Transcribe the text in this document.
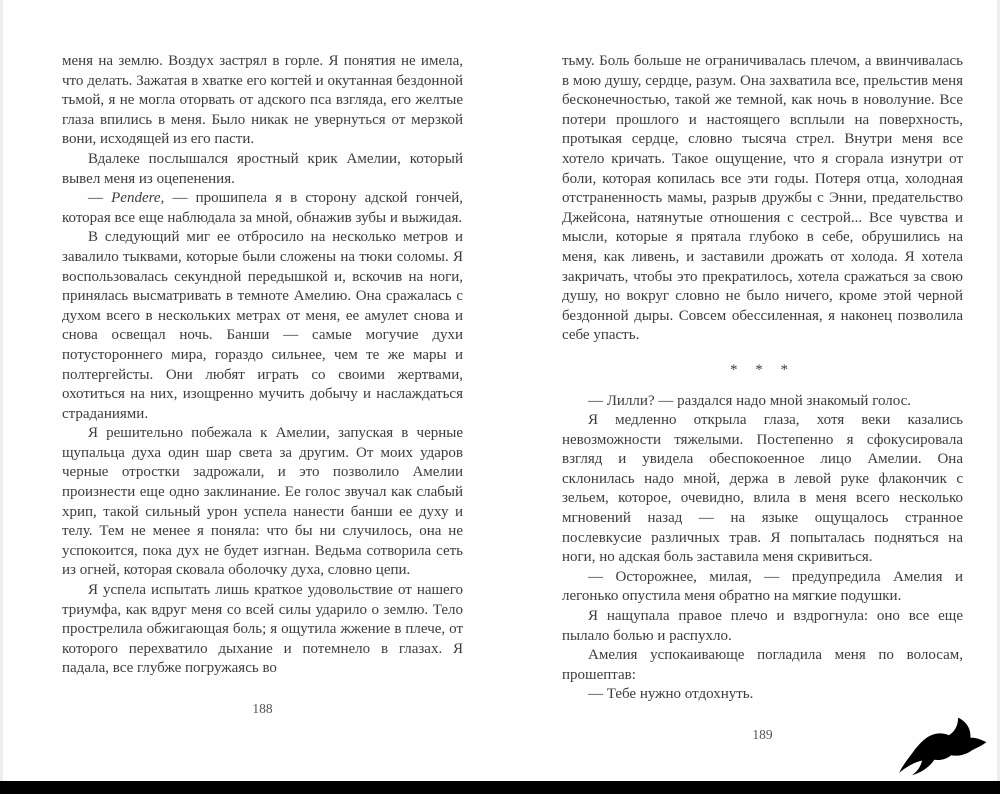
меня на землю. Воздух застрял в горле. Я понятия не имела, что делать. Зажатая в хватке его когтей и окутанная бездонной тьмой, я не могла оторвать от адского пса взгляда, его желтые глаза впились в меня. Было никак не увернуться от мерзкой вони, исходящей из его пасти.

Вдалеке послышался яростный крик Амелии, который вывел меня из оцепенения.

— Pendere, — прошипела я в сторону адской гончей, которая все еще наблюдала за мной, обнажив зубы и выжидая.

В следующий миг ее отбросило на несколько метров и завалило тыквами, которые были сложены на тюки соломы. Я воспользовалась секундной передышкой и, вскочив на ноги, принялась высматривать в темноте Амелию. Она сражалась с духом всего в нескольких метрах от меня, ее амулет снова и снова освещал ночь. Банши — самые могучие духи потустороннего мира, гораздо сильнее, чем те же мары и полтергейсты. Они любят играть со своими жертвами, охотиться на них, изощренно мучить добычу и наслаждаться страданиями.

Я решительно побежала к Амелии, запуская в черные щупальца духа один шар света за другим. От моих ударов черные отростки задрожали, и это позволило Амелии произнести еще одно заклинание. Ее голос звучал как слабый хрип, такой сильный урон успела нанести банши ее духу и телу. Тем не менее я поняла: что бы ни случилось, она не успокоится, пока дух не будет изгнан. Ведьма сотворила сеть из огней, которая сковала оболочку духа, словно цепи.

Я успела испытать лишь краткое удовольствие от нашего триумфа, как вдруг меня со всей силы ударило о землю. Тело прострелила обжигающая боль; я ощутила жжение в плече, от которого перехватило дыхание и потемнело в глазах. Я падала, все глубже погружаясь во

188

тьму. Боль больше не ограничивалась плечом, а ввинчивалась в мою душу, сердце, разум. Она захватила все, прельстив меня бесконечностью, такой же темной, как ночь в новолуние. Все потери прошлого и настоящего всплыли на поверхность, протыкая сердце, словно тысяча стрел. Внутри меня все хотело кричать. Такое ощущение, что я сгорала изнутри от боли, которая копилась все эти годы. Потеря отца, холодная отстраненность мамы, разрыв дружбы с Энни, предательство Джейсона, натянутые отношения с сестрой... Все чувства и мысли, которые я прятала глубоко в себе, обрушились на меня, как ливень, и заставили дрожать от холода. Я хотела закричать, чтобы это прекратилось, хотела сражаться за свою душу, но вокруг словно не было ничего, кроме этой черной бездонной дыры. Совсем обессиленная, я наконец позволила себе упасть.

* * *

— Лилли? — раздался надо мной знакомый голос.

Я медленно открыла глаза, хотя веки казались невозможности тяжелыми. Постепенно я сфокусировала взгляд и увидела обеспокоенное лицо Амелии. Она склонилась надо мной, держа в левой руке флакончик с зельем, которое, очевидно, влила в меня всего несколько мгновений назад — на языке ощущалось странное послевкусие различных трав. Я попыталась подняться на ноги, но адская боль заставила меня скривиться.

— Осторожнее, милая, — предупредила Амелия и легонько опустила меня обратно на мягкие подушки.

Я нащупала правое плечо и вздрогнула: оно все еще пылало болью и распухло.

Амелия успокаивающе погладила меня по волосам, прошептав:

— Тебе нужно отдохнуть.

189
